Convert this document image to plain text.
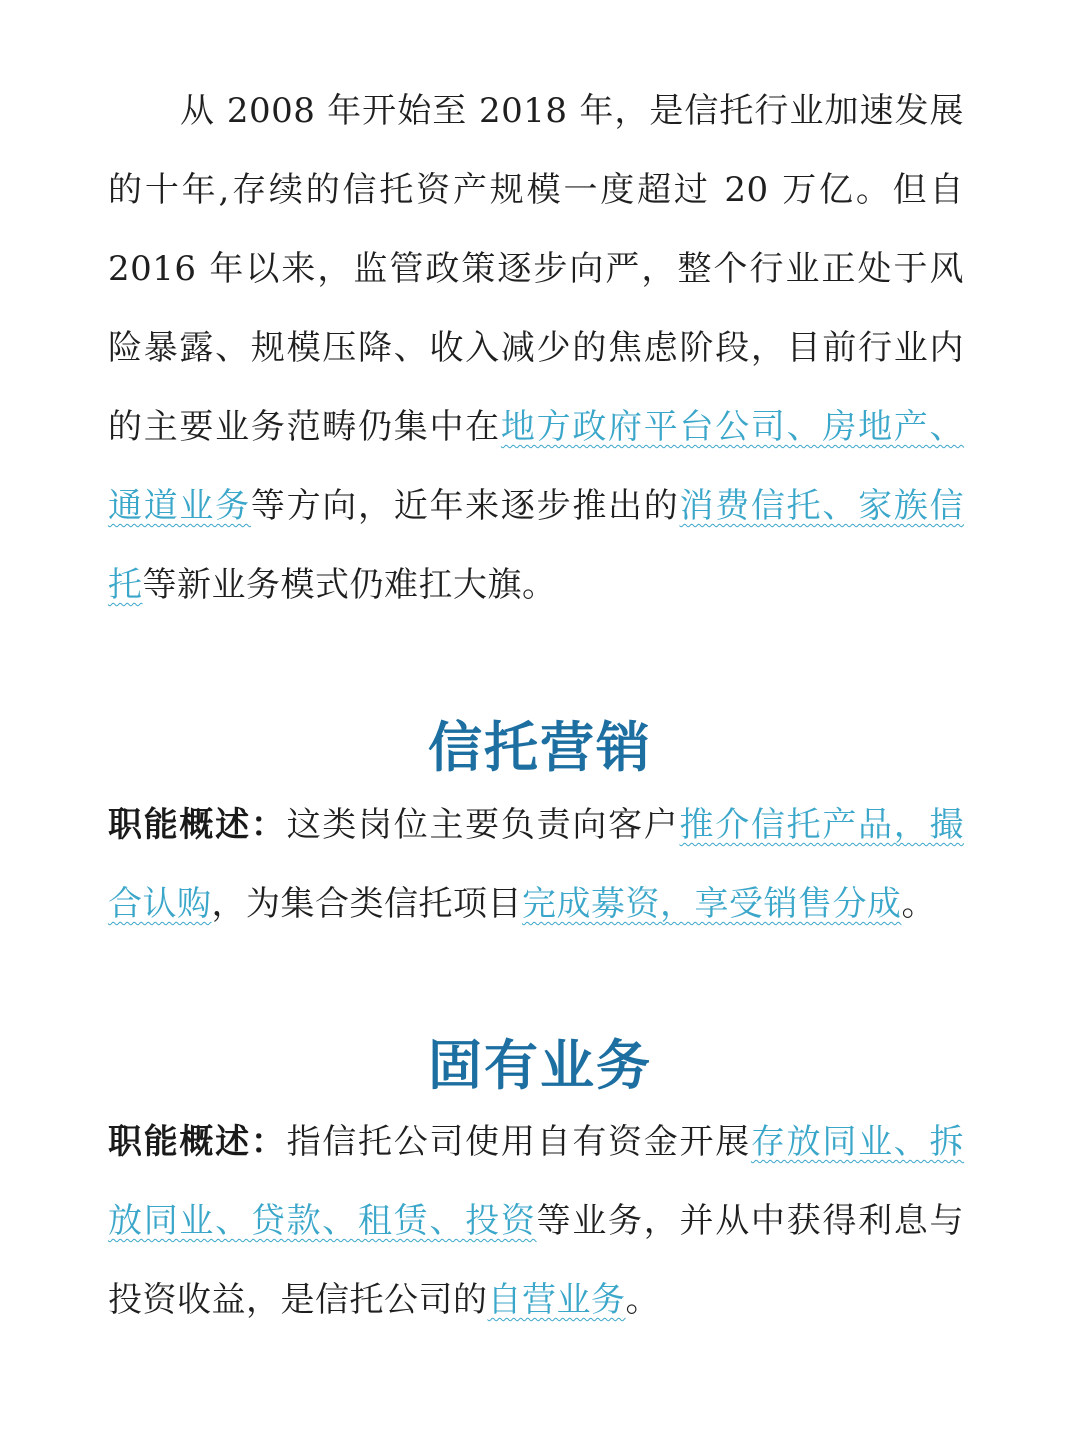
从 2008 年开始至 2018 年，是信托行业加速发展的十年,存续的信托资产规模一度超过 20 万亿。但自 2016 年以来，监管政策逐步向严，整个行业正处于风险暴露、规模压降、收入减少的焦虑阶段，目前行业内的主要业务范畴仍集中在地方政府平台公司、房地产、通道业务等方向，近年来逐步推出的消费信托、家族信托等新业务模式仍难扛大旗。

信托营销

职能概述：这类岗位主要负责向客户推介信托产品，撮合认购，为集合类信托项目完成募资，享受销售分成。

固有业务

职能概述：指信托公司使用自有资金开展存放同业、拆放同业、贷款、租赁、投资等业务，并从中获得利息与投资收益，是信托公司的自营业务。
